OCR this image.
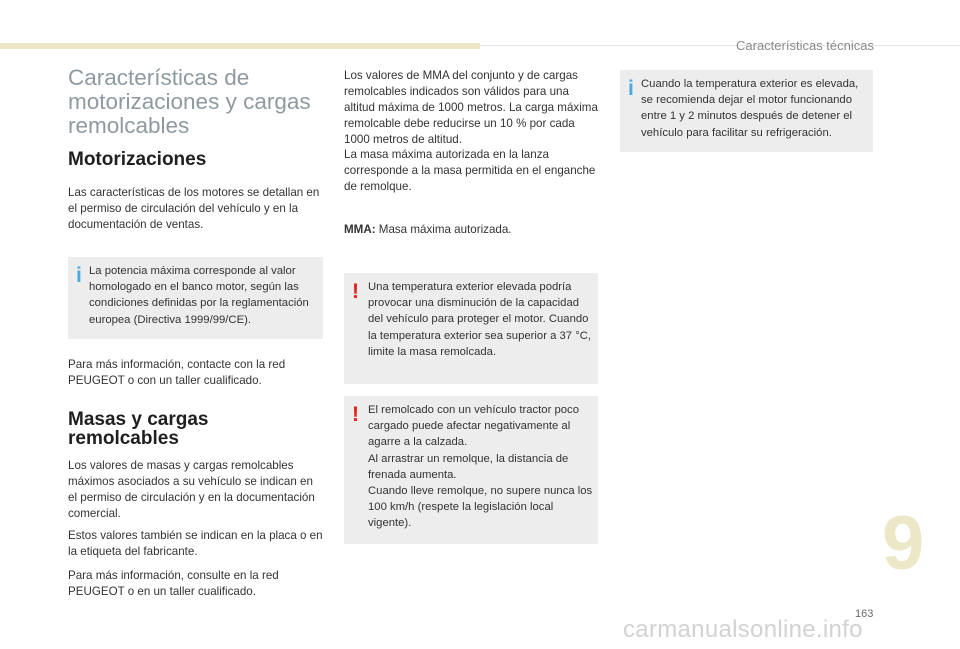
Características técnicas
Características de motorizaciones y cargas remolcables
Motorizaciones

Las características de los motores se detallan en el permiso de circulación del vehículo y en la documentación de ventas.

i La potencia máxima corresponde al valor homologado en el banco motor, según las condiciones definidas por la reglamentación europea (Directiva 1999/99/CE).

Para más información, contacte con la red PEUGEOT o con un taller cualificado.

Masas y cargas remolcables

Los valores de masas y cargas remolcables máximos asociados a su vehículo se indican en el permiso de circulación y en la documentación comercial.

Estos valores también se indican en la placa o en la etiqueta del fabricante.

Para más información, consulte en la red PEUGEOT o en un taller cualificado.

Los valores de MMA del conjunto y de cargas remolcables indicados son válidos para una altitud máxima de 1000 metros. La carga máxima remolcable debe reducirse un 10 % por cada 1000 metros de altitud.

La masa máxima autorizada en la lanza corresponde a la masa permitida en el enganche de remolque.

MMA: Masa máxima autorizada.

! Una temperatura exterior elevada podría provocar una disminución de la capacidad del vehículo para proteger el motor. Cuando la temperatura exterior sea superior a 37 °C, limite la masa remolcada.

! El remolcado con un vehículo tractor poco cargado puede afectar negativamente al agarre a la calzada.
Al arrastrar un remolque, la distancia de frenada aumenta.
Cuando lleve remolque, no supere nunca los 100 km/h (respete la legislación local vigente).

i Cuando la temperatura exterior es elevada, se recomienda dejar el motor funcionando entre 1 y 2 minutos después de detener el vehículo para facilitar su refrigeración.

9
163
carmanualsonline.info
